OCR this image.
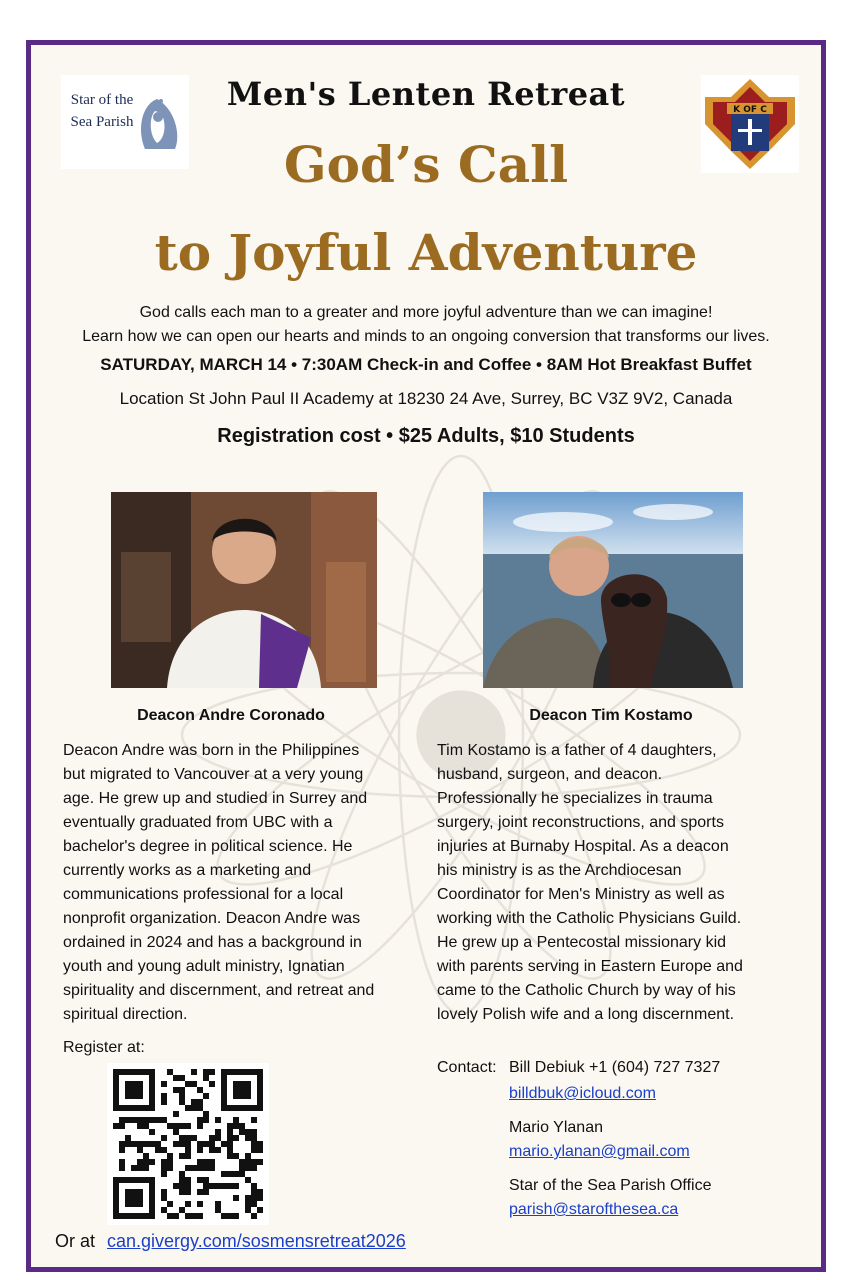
Star of the Sea Parish
K OF C
Men's Lenten Retreat
God’s Call
to Joyful Adventure
God calls each man to a greater and more joyful adventure than we can imagine!
Learn how we can open our hearts and minds to an ongoing conversion that transforms our lives.
SATURDAY, MARCH 14 • 7:30AM Check-in and Coffee • 8AM Hot Breakfast Buffet
Location St John Paul II Academy at 18230 24 Ave, Surrey, BC V3Z 9V2, Canada
Registration cost • $25 Adults, $10 Students
Deacon Andre Coronado	Deacon Tim Kostamo
Deacon Andre was born in the Philippines
but migrated to Vancouver at a very young
age. He grew up and studied in Surrey and
eventually graduated from UBC with a
bachelor's degree in political science. He
currently works as a marketing and
communications professional for a local
nonprofit organization. Deacon Andre was
ordained in 2024 and has a background in
youth and young adult ministry, Ignatian
spirituality and discernment, and retreat and
spiritual direction.
Tim Kostamo is a father of 4 daughters,
husband, surgeon, and deacon.
Professionally he specializes in trauma
surgery, joint reconstructions, and sports
injuries at Burnaby Hospital. As a deacon
his ministry is as the Archdiocesan
Coordinator for Men's Ministry as well as
working with the Catholic Physicians Guild.
He grew up a Pentecostal missionary kid
with parents serving in Eastern Europe and
came to the Catholic Church by way of his
lovely Polish wife and a long discernment.
Register at:
Or at can.givergy.com/sosmensretreat2026
Contact: Bill Debiuk +1 (604) 727 7327
billdbuk@icloud.com
Mario Ylanan
mario.ylanan@gmail.com
Star of the Sea Parish Office
parish@starofthesea.ca
